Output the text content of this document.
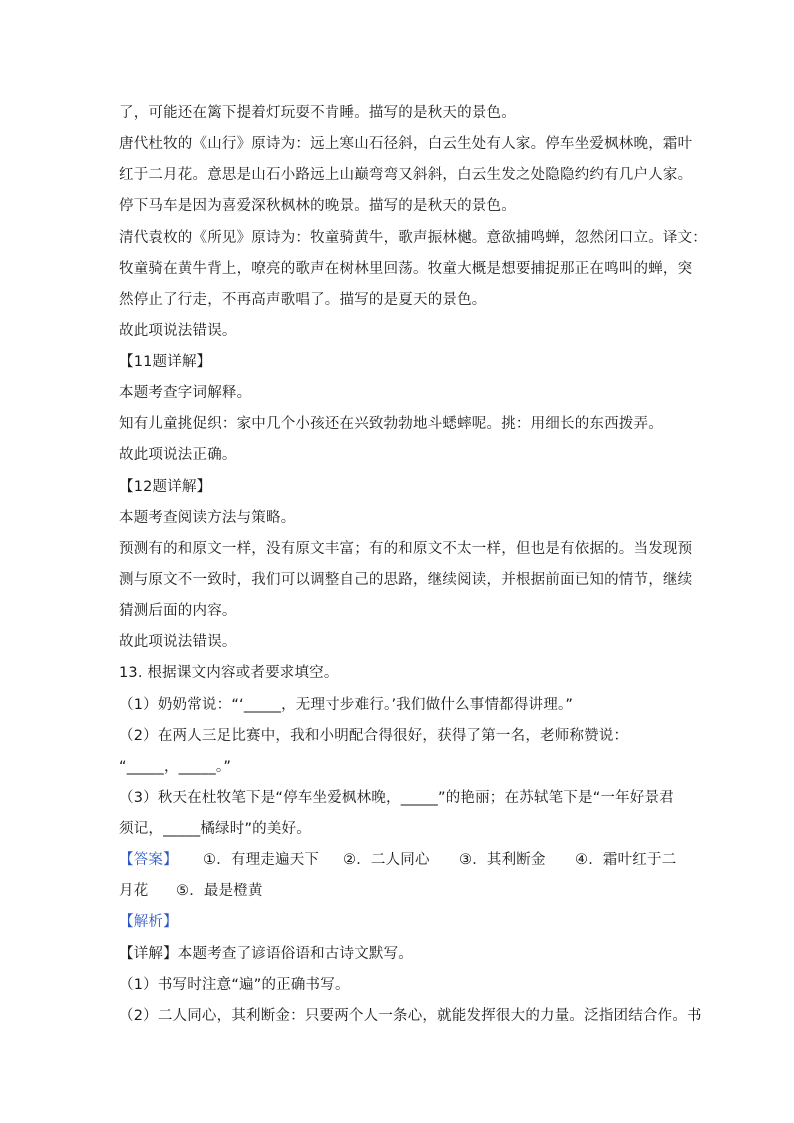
了，可能还在篱下提着灯玩耍不肯睡。描写的是秋天的景色。
唐代杜牧的《山行》原诗为：远上寒山石径斜，白云生处有人家。停车坐爱枫林晚，霜叶
红于二月花。意思是山石小路远上山巅弯弯又斜斜，白云生发之处隐隐约约有几户人家。
停下马车是因为喜爱深秋枫林的晚景。描写的是秋天的景色。
清代袁枚的《所见》原诗为：牧童骑黄牛，歌声振林樾。意欲捕鸣蝉，忽然闭口立。译文：
牧童骑在黄牛背上，嘹亮的歌声在树林里回荡。牧童大概是想要捕捉那正在鸣叫的蝉，突
然停止了行走，不再高声歌唱了。描写的是夏天的景色。
故此项说法错误。
【11题详解】
本题考查字词解释。
知有儿童挑促织：家中几个小孩还在兴致勃勃地斗蟋蟀呢。挑：用细长的东西拨弄。
故此项说法正确。
【12题详解】
本题考查阅读方法与策略。
预测有的和原文一样，没有原文丰富；有的和原文不太一样，但也是有依据的。当发现预
测与原文不一致时，我们可以调整自己的思路，继续阅读，并根据前面已知的情节，继续
猜测后面的内容。
故此项说法错误。
13. 根据课文内容或者要求填空。
（1）奶奶常说：“‘_____，无理寸步难行。’我们做什么事情都得讲理。”
（2）在两人三足比赛中，我和小明配合得很好，获得了第一名，老师称赞说：
“_____，_____。”
（3）秋天在杜牧笔下是“停车坐爱枫林晚，_____”的艳丽；在苏轼笔下是“一年好景君
须记，_____橘绿时”的美好。
【答案】 ①．有理走遍天下 ②．二人同心 ③．其利断金 ④．霜叶红于二
月花 ⑤．最是橙黄
【解析】
【详解】本题考查了谚语俗语和古诗文默写。
（1）书写时注意“遍”的正确书写。
（2）二人同心，其利断金：只要两个人一条心，就能发挥很大的力量。泛指团结合作。书
